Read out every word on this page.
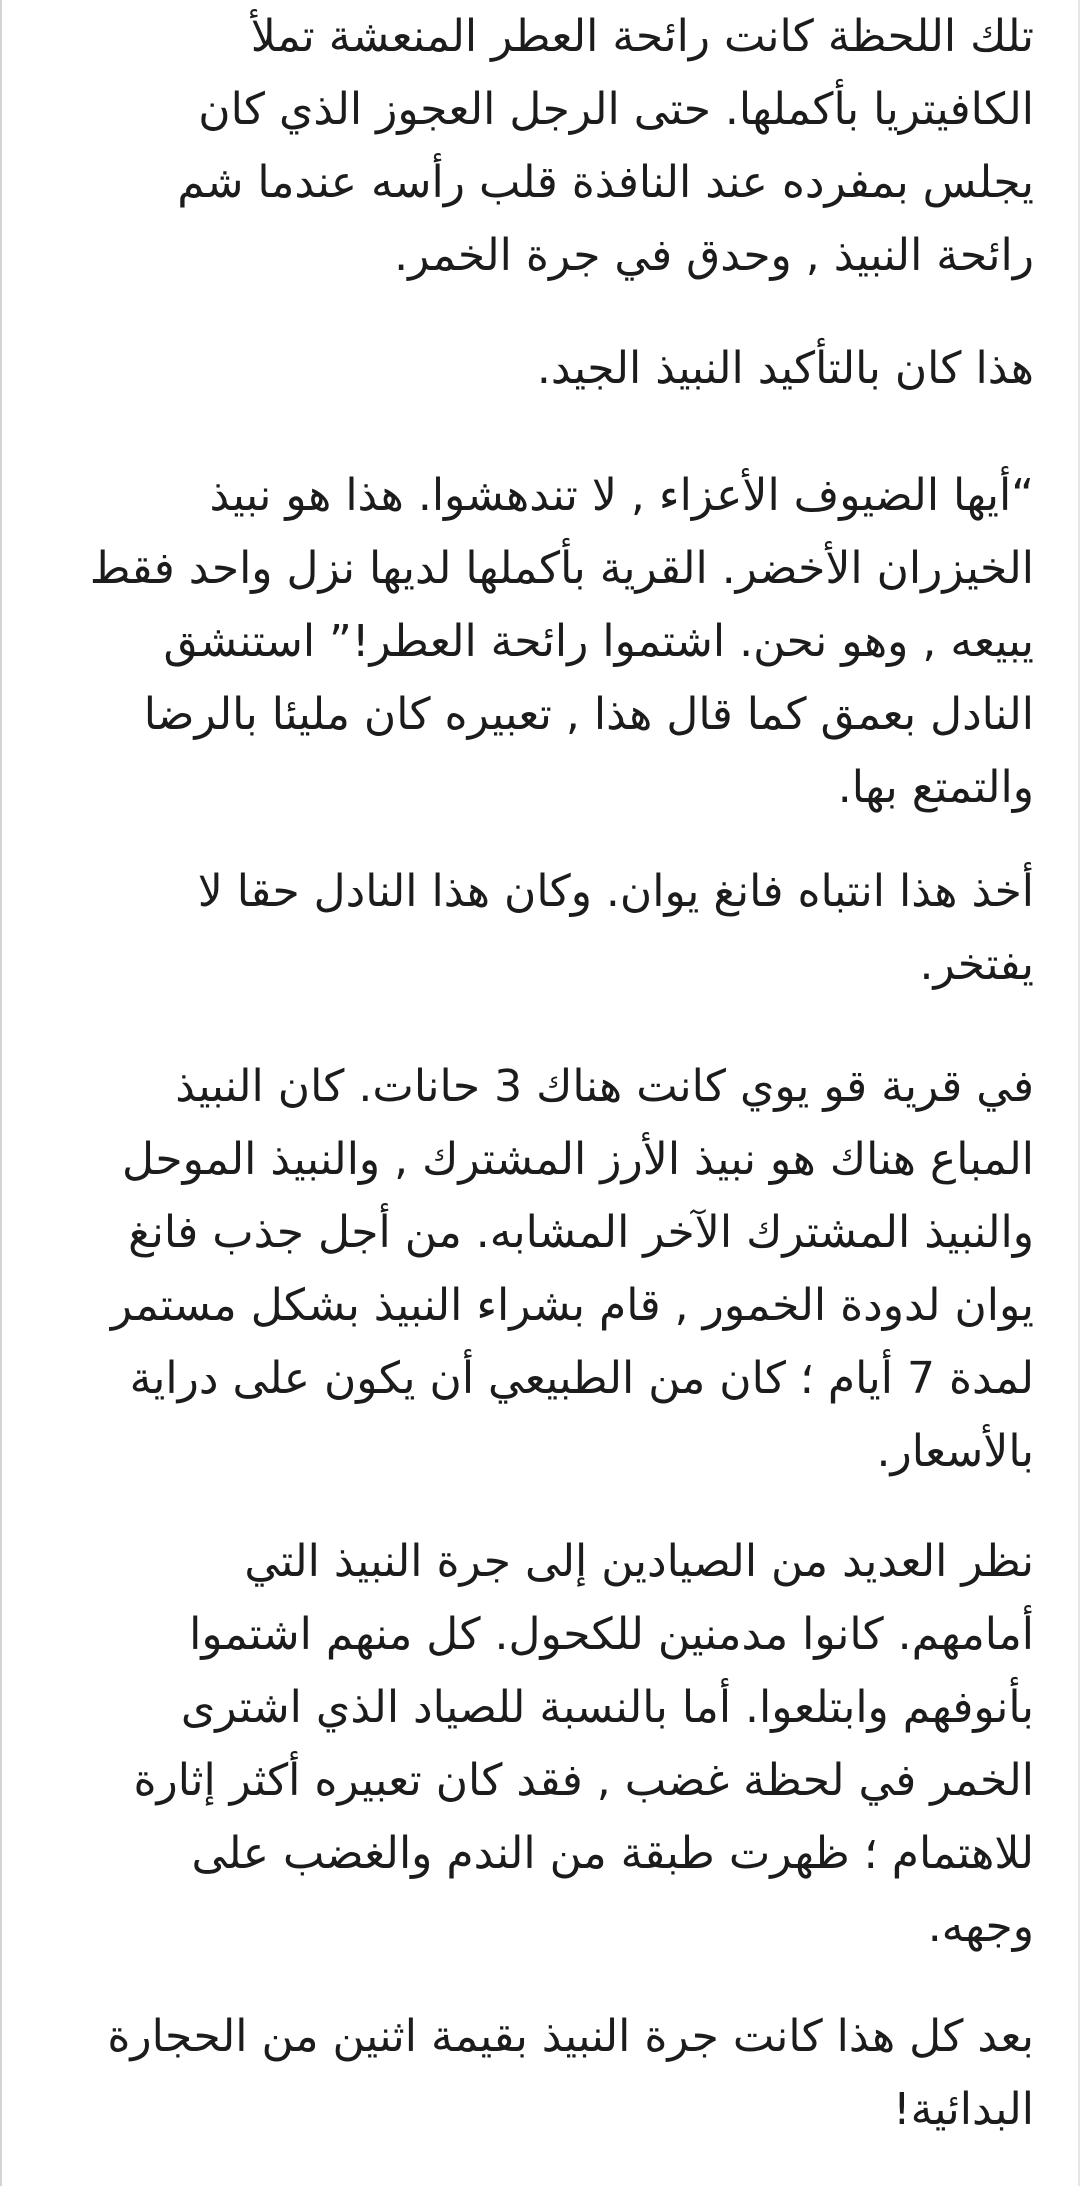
تلك اللحظة كانت رائحة العطر المنعشة تملأ
الكافيتريا بأكملها. حتى الرجل العجوز الذي كان
يجلس بمفرده عند النافذة قلب رأسه عندما شم
رائحة النبيذ , وحدق في جرة الخمر.

هذا كان بالتأكيد النبيذ الجيد.

“أيها الضيوف الأعزاء , لا تندهشوا. هذا هو نبيذ
الخيزران الأخضر. القرية بأكملها لديها نزل واحد فقط
يبيعه , وهو نحن. اشتموا رائحة العطر!” استنشق
النادل بعمق كما قال هذا , تعبيره كان مليئا بالرضا
والتمتع بها.

أخذ هذا انتباه فانغ يوان. وكان هذا النادل حقا لا
يفتخر.

في قرية قو يوي كانت هناك 3 حانات. كان النبيذ
المباع هناك هو نبيذ الأرز المشترك , والنبيذ الموحل
والنبيذ المشترك الآخر المشابه. من أجل جذب فانغ
يوان لدودة الخمور , قام بشراء النبيذ بشكل مستمر
لمدة 7 أيام ؛ كان من الطبيعي أن يكون على دراية
بالأسعار.

نظر العديد من الصيادين إلى جرة النبيذ التي
أمامهم. كانوا مدمنين للكحول. كل منهم اشتموا
بأنوفهم وابتلعوا. أما بالنسبة للصياد الذي اشترى
الخمر في لحظة غضب , فقد كان تعبيره أكثر إثارة
للاهتمام ؛ ظهرت طبقة من الندم والغضب على
وجهه.

بعد كل هذا كانت جرة النبيذ بقيمة اثنين من الحجارة
البدائية!
